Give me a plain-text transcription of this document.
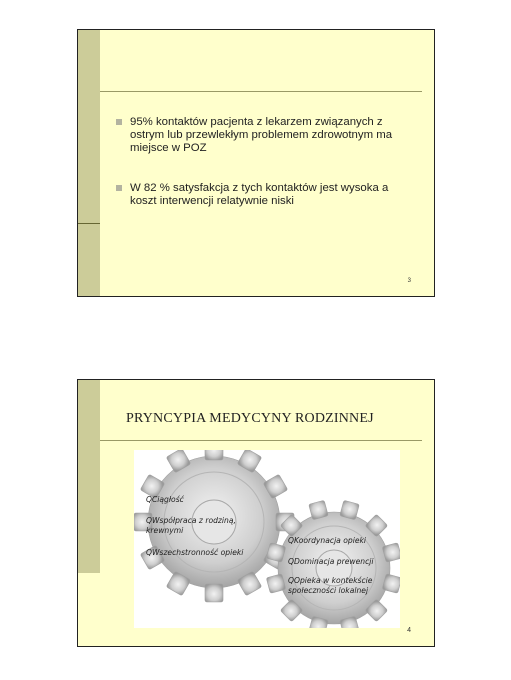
95% kontaktów pacjenta z lekarzem związanych z ostrym lub przewlekłym problemem zdrowotnym ma miejsce w POZ
W 82 % satysfakcja z tych kontaktów jest wysoka a koszt interwencji relatywnie niski
3
PRYNCYPIA MEDYCYNY RODZINNEJ
QCiągłość
QWspółpraca z rodziną, krewnymi
QWszechstronność opieki
QKoordynacja opieki
QDominacja prewencji
QOpieka w kontekście społeczności lokalnej
4
